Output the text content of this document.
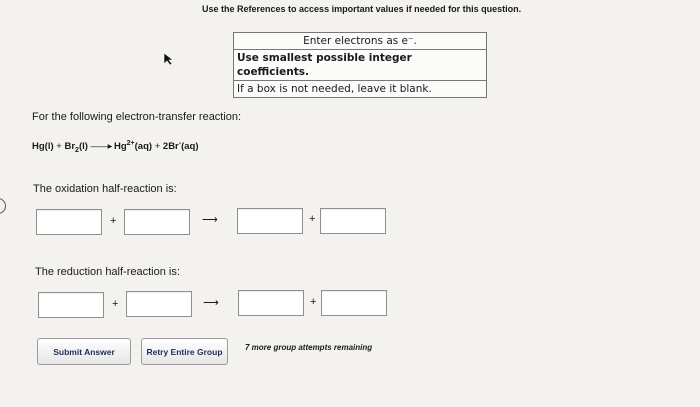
Use the References to access important values if needed for this question.
Enter electrons as e⁻.
Use smallest possible integer coefficients.
If a box is not needed, leave it blank.
For the following electron-transfer reaction:
$Hg(l) + Br_2(l)$ ——▸ $Hg^{2+}(aq) + 2Br^-(aq)$
The oxidation half-reaction is:
+	⟶	+
The reduction half-reaction is:
+	⟶	+
Submit Answer	Retry Entire Group	7 more group attempts remaining
